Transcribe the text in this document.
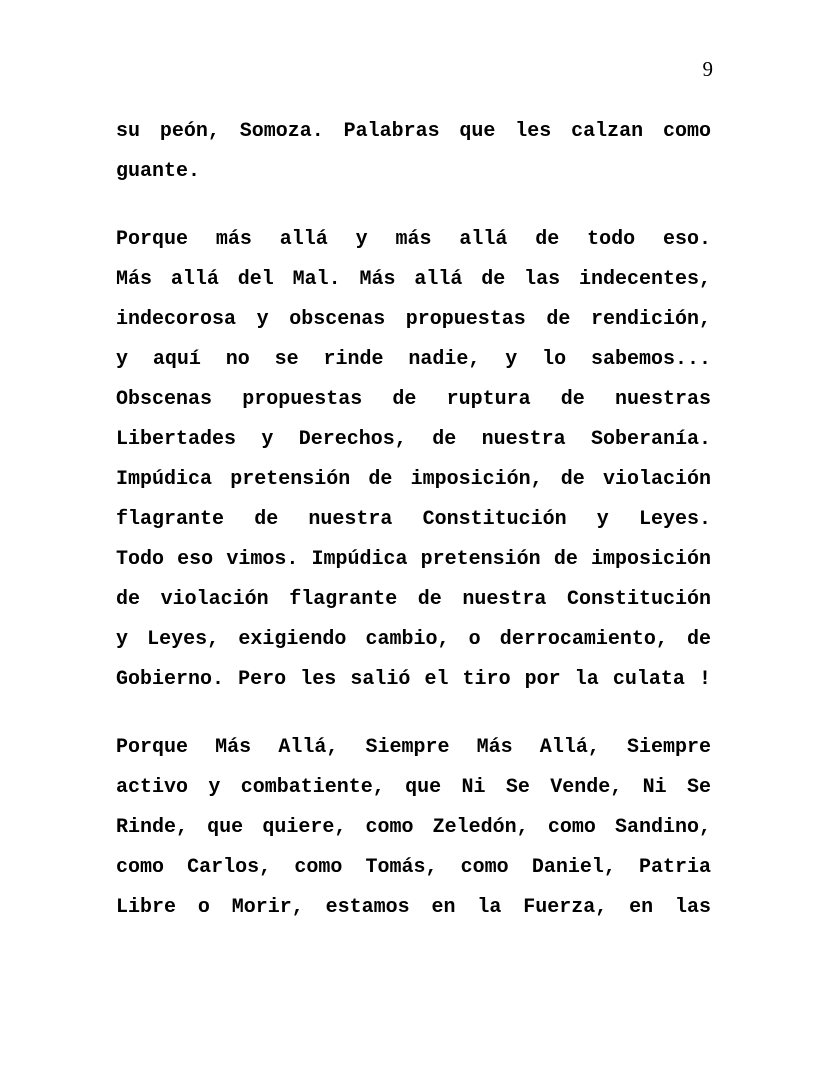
9
su peón, Somoza. Palabras que les calzan como
guante.
Porque más allá y más allá de todo eso.
Más allá del Mal. Más allá de las indecentes,
indecorosa y obscenas propuestas de rendición,
y aquí no se rinde nadie, y lo sabemos...
Obscenas propuestas de ruptura de nuestras
Libertades y Derechos, de nuestra Soberanía.
Impúdica pretensión de imposición, de violación
flagrante de nuestra Constitución y Leyes.
Todo eso vimos. Impúdica pretensión de imposición
de violación flagrante de nuestra Constitución
y Leyes, exigiendo cambio, o derrocamiento, de
Gobierno. Pero les salió el tiro por la culata !
Porque Más Allá, Siempre Más Allá, Siempre
activo y combatiente, que Ni Se Vende, Ni Se
Rinde, que quiere, como Zeledón, como Sandino,
como Carlos, como Tomás, como Daniel, Patria
Libre o Morir, estamos en la Fuerza, en las
